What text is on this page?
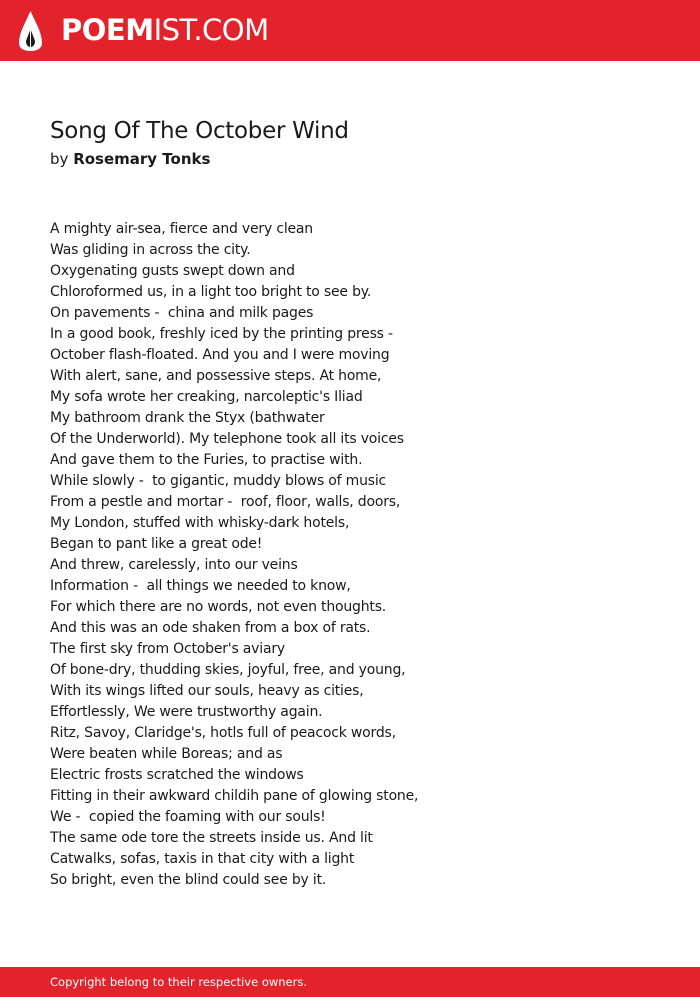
POEMIST.COM
Song Of The October Wind
by Rosemary Tonks
A mighty air-sea, fierce and very clean
Was gliding in across the city.
Oxygenating gusts swept down and
Chloroformed us, in a light too bright to see by.
On pavements -  china and milk pages
In a good book, freshly iced by the printing press -
October flash-floated. And you and I were moving
With alert, sane, and possessive steps. At home,
My sofa wrote her creaking, narcoleptic's Iliad
My bathroom drank the Styx (bathwater
Of the Underworld). My telephone took all its voices
And gave them to the Furies, to practise with.
While slowly -  to gigantic, muddy blows of music
From a pestle and mortar -  roof, floor, walls, doors,
My London, stuffed with whisky-dark hotels,
Began to pant like a great ode!
And threw, carelessly, into our veins
Information -  all things we needed to know,
For which there are no words, not even thoughts.
And this was an ode shaken from a box of rats.
The first sky from October's aviary
Of bone-dry, thudding skies, joyful, free, and young,
With its wings lifted our souls, heavy as cities,
Effortlessly, We were trustworthy again.
Ritz, Savoy, Claridge's, hotls full of peacock words,
Were beaten while Boreas; and as
Electric frosts scratched the windows
Fitting in their awkward childih pane of glowing stone,
We -  copied the foaming with our souls!
The same ode tore the streets inside us. And lit
Catwalks, sofas, taxis in that city with a light
So bright, even the blind could see by it.
Copyright belong to their respective owners.
